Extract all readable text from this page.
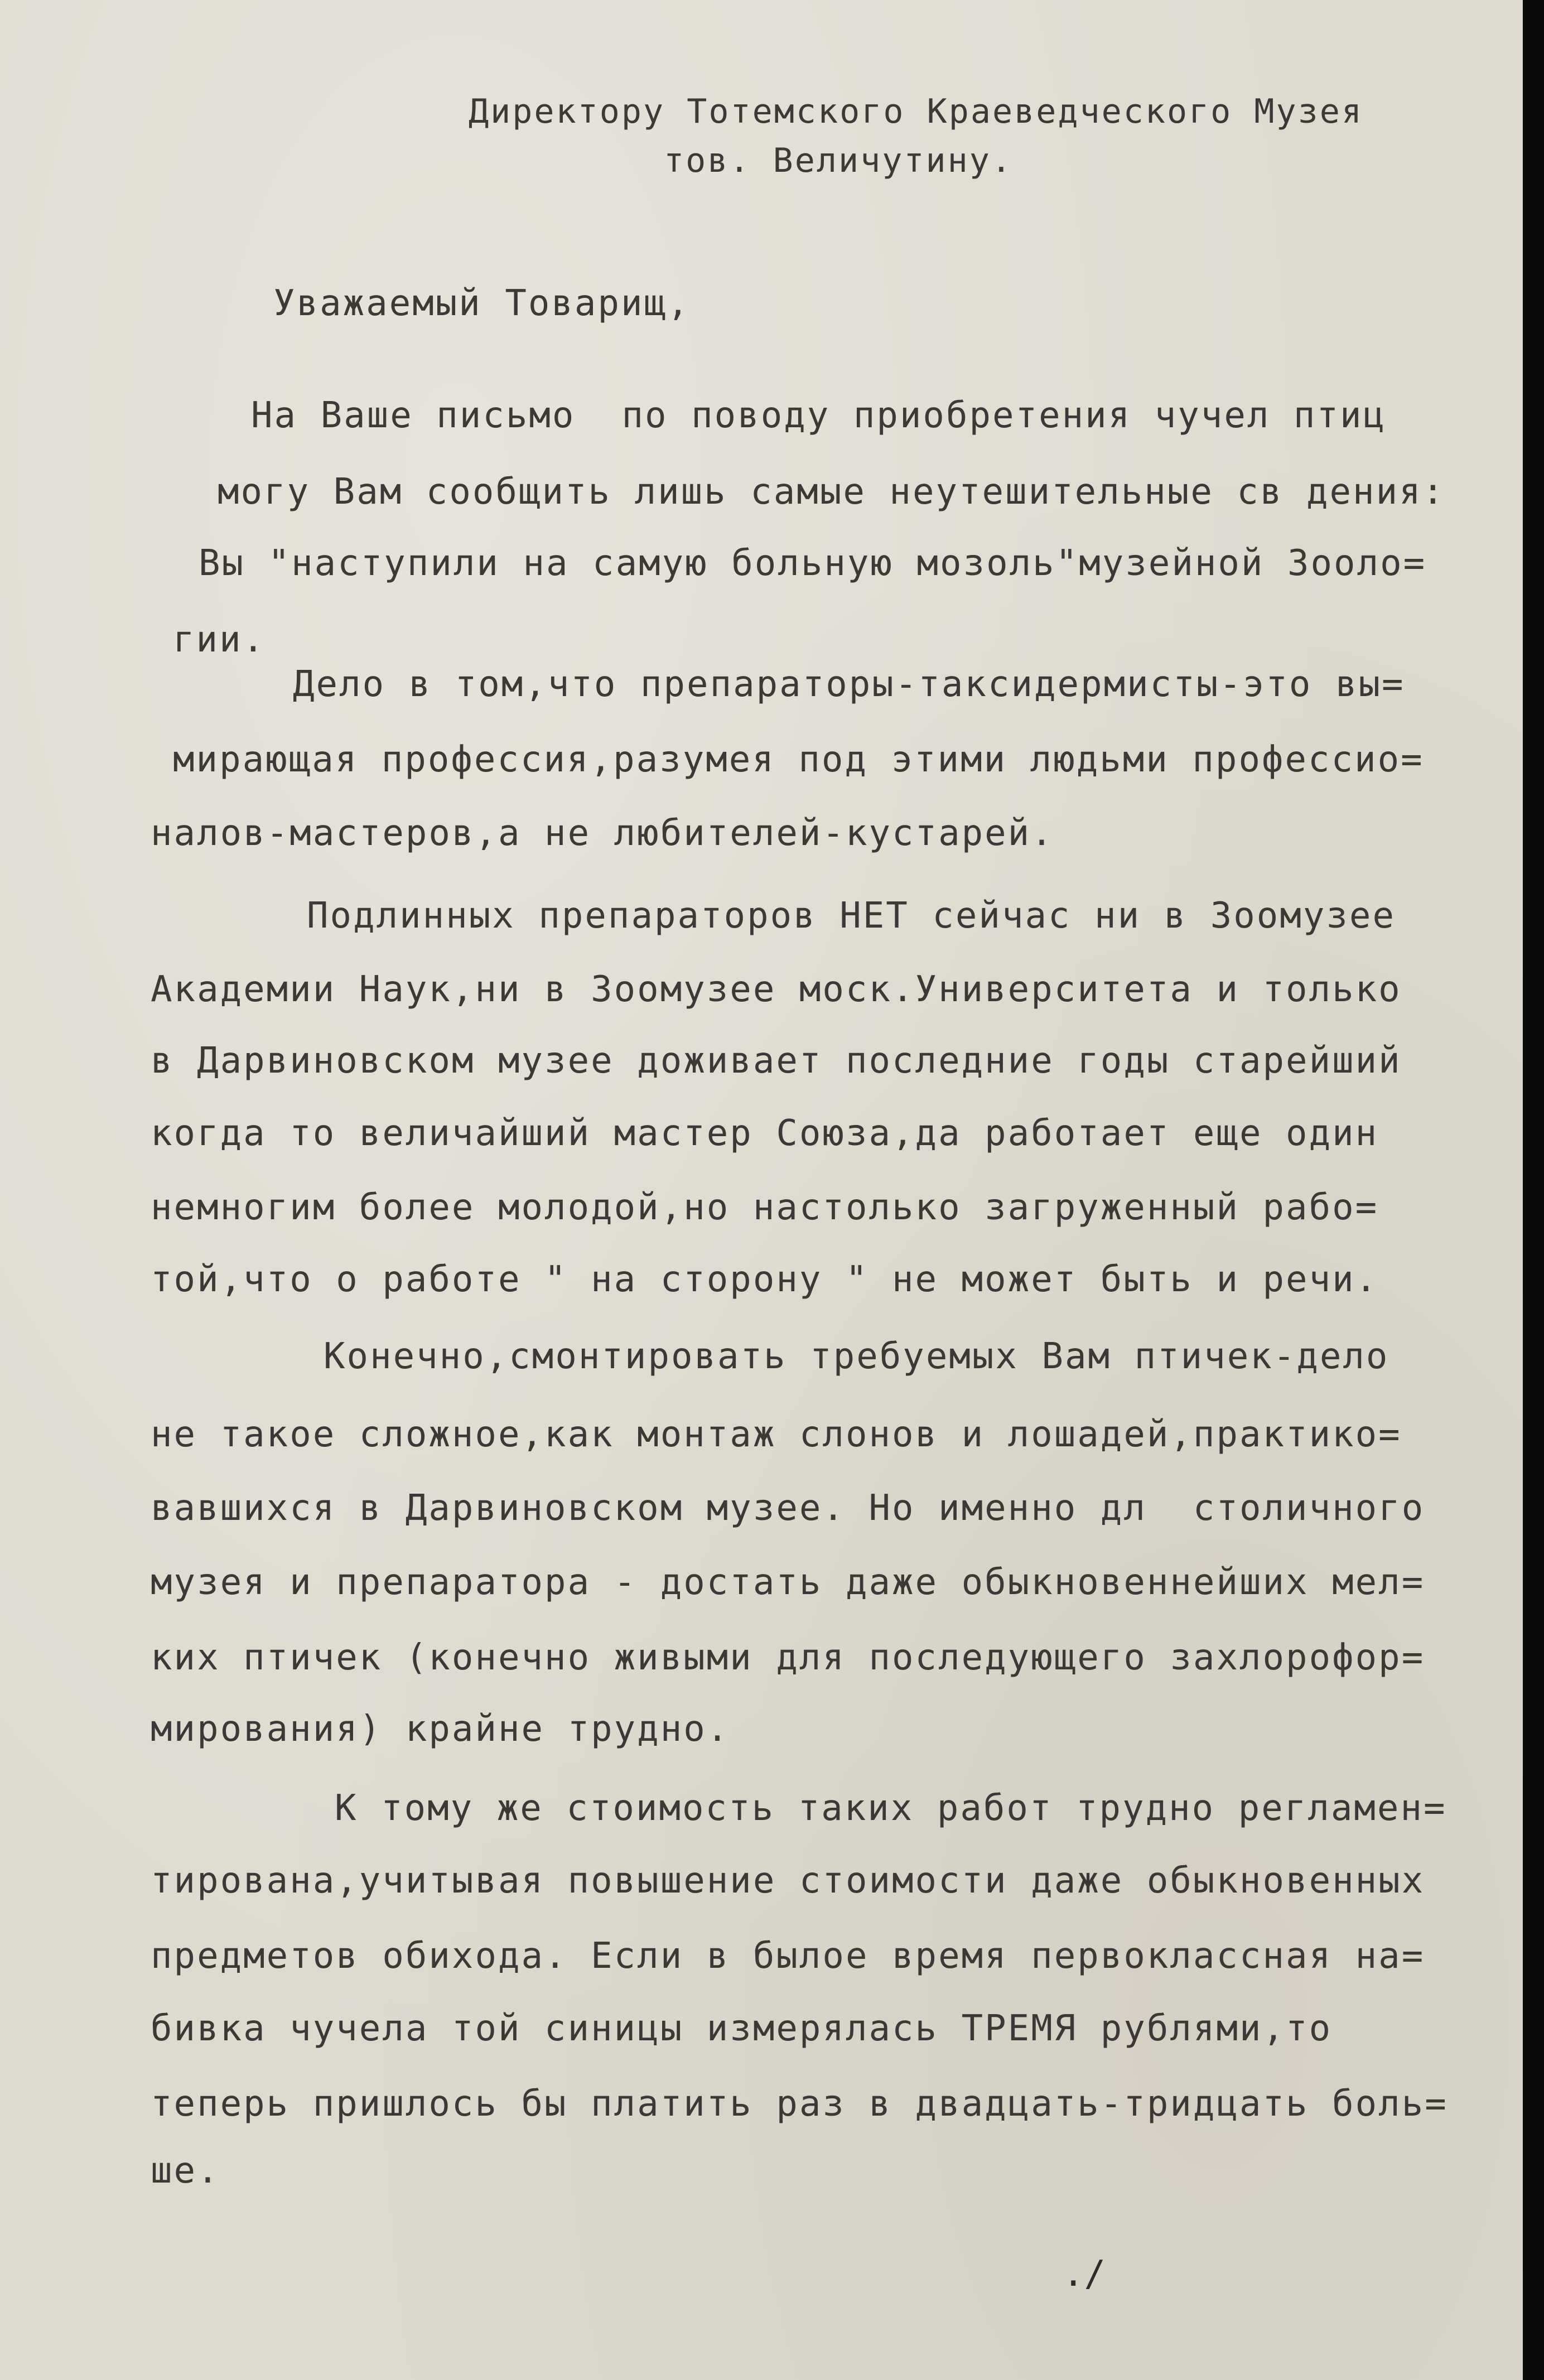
Директору Тотемского Краеведческого Музея
тов. Величутину.
Уважаемый Товарищ,
На Ваше письмо  по поводу приобретения чучел птиц
могу Вам сообщить лишь самые неутешительные св дения:
Вы "наступили на самую больную мозоль"музейной Зооло=
гии.
Дело в том,что препараторы-таксидермисты-это вы=
мирающая профессия,разумея под этими людьми профессио=
налов-мастеров,а не любителей-кустарей.
Подлинных препараторов НЕТ сейчас ни в Зоомузее
Академии Наук,ни в Зоомузее моск.Университета и только
в Дарвиновском музее доживает последние годы старейший
когда то величайший мастер Союза,да работает еще один
немногим более молодой,но настолько загруженный рабо=
той,что о работе " на сторону " не может быть и речи.
Конечно,смонтировать требуемых Вам птичек-дело
не такое сложное,как монтаж слонов и лошадей,практико=
вавшихся в Дарвиновском музее. Но именно дл  столичного
музея и препаратора - достать даже обыкновеннейших мел=
ких птичек (конечно живыми для последующего захлорофор=
мирования) крайне трудно.
К тому же стоимость таких работ трудно регламен=
тирована,учитывая повышение стоимости даже обыкновенных
предметов обихода. Если в былое время первоклассная на=
бивка чучела той синицы измерялась ТРЕМЯ рублями,то
теперь пришлось бы платить раз в двадцать-тридцать боль=
ше.
./
